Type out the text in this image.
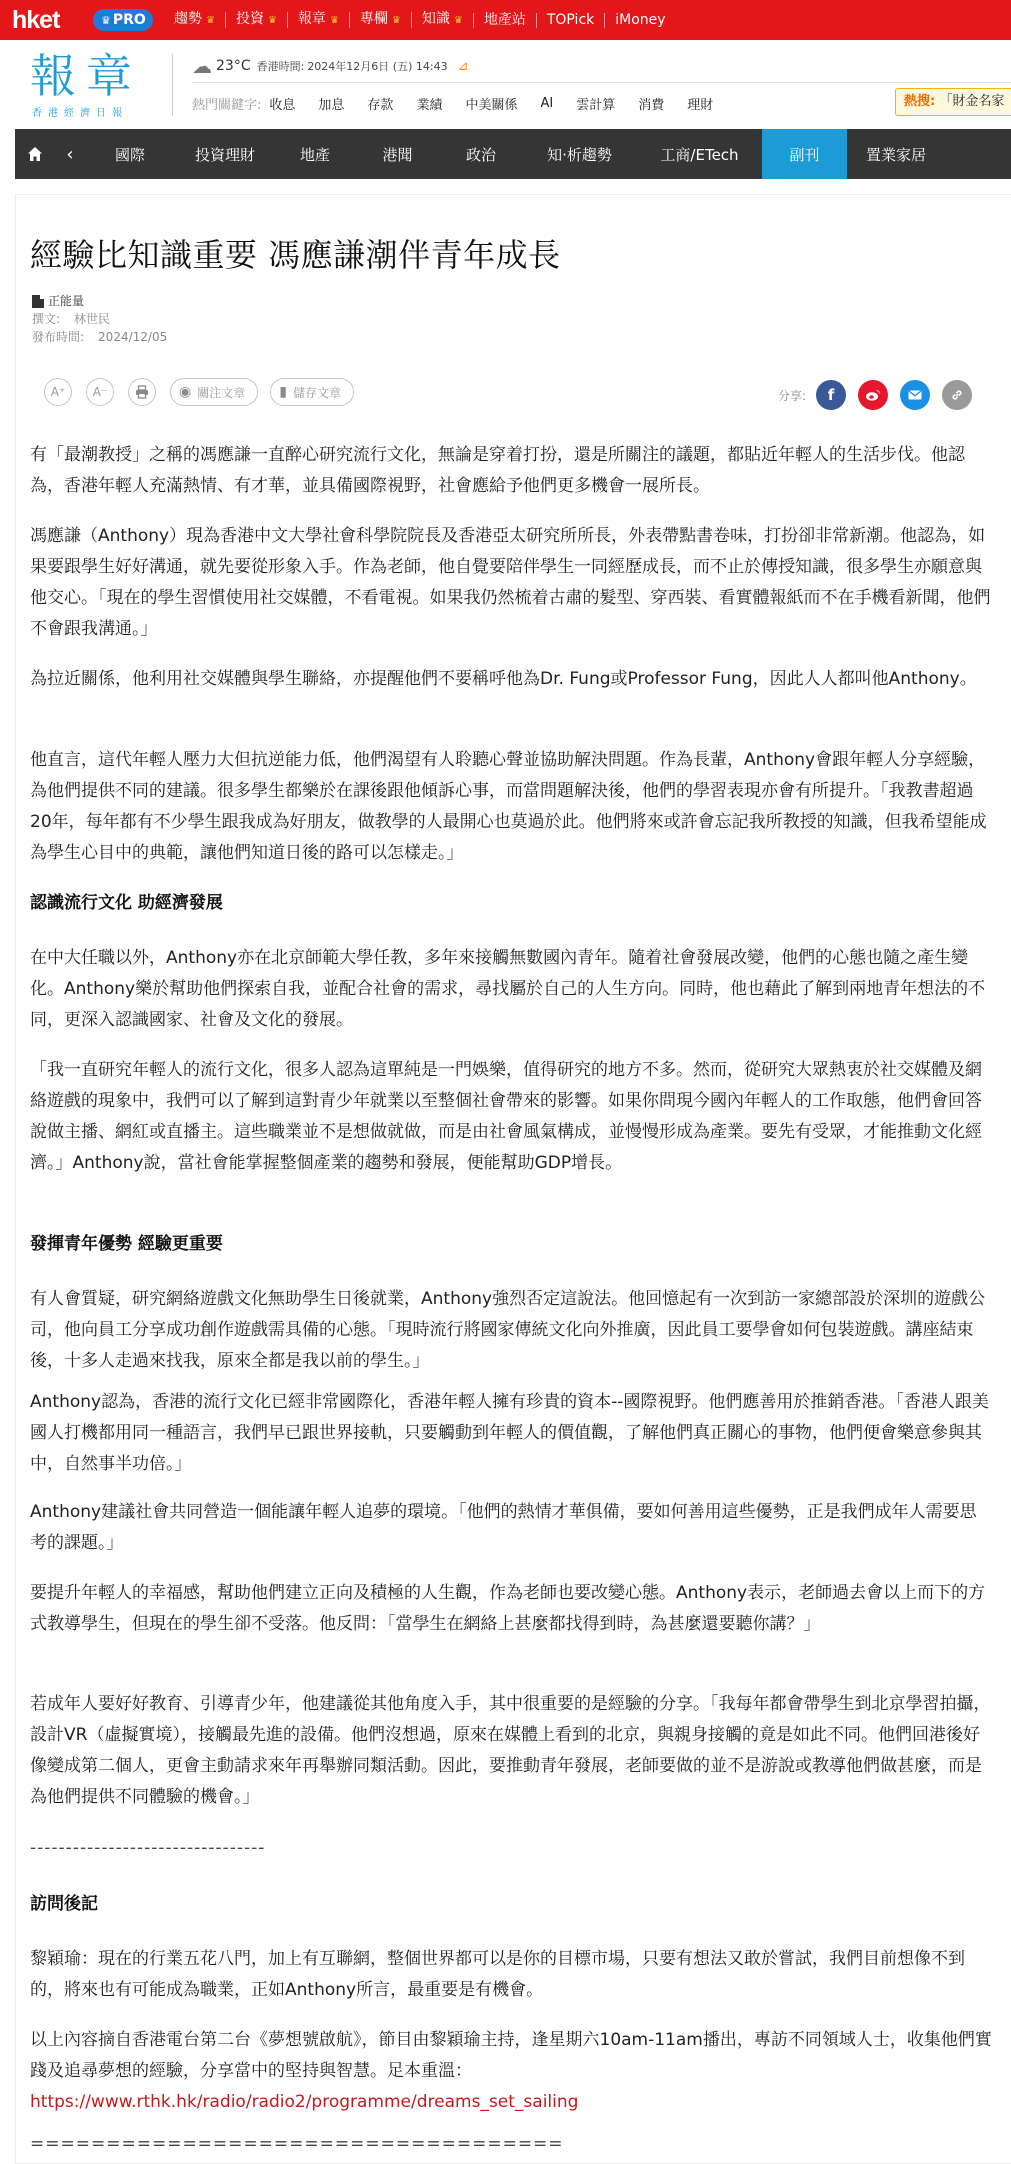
hket	♛ PRO	趨勢 ♛	投資 ♛	報章 ♛	專欄 ♛	知識 ♛	地產站	TOPick	iMoney
報章
香港經濟日報
☁ 23°C 香港時間: 2024年12月6日 (五) 14:43 ⊿
熱門關鍵字: 收息 加息 存款 業績 中美關係 AI 雲計算 消費 理財	熱搜: 「財金名家
‹	國際	投資理財	地產	港聞	政治	知·析趨勢	工商/ETech	副刊	置業家居
經驗比知識重要 馮應謙潮伴青年成長
正能量
撰文: 林世民
發布時間: 2024/12/05
A⁺	A⁻	◉ 關注文章 ▮ 儲存文章	分享:	f
有「最潮教授」之稱的馮應謙一直醉心研究流行文化，無論是穿着打扮，還是所關注的議題，都貼近年輕人的生活步伐。他認為，香港年輕人充滿熱情、有才華，並具備國際視野，社會應給予他們更多機會一展所長。
馮應謙（Anthony）現為香港中文大學社會科學院院長及香港亞太研究所所長，外表帶點書卷味，打扮卻非常新潮。他認為，如果要跟學生好好溝通，就先要從形象入手。作為老師，他自覺要陪伴學生一同經歷成長，而不止於傳授知識，很多學生亦願意與他交心。「現在的學生習慣使用社交媒體，不看電視。如果我仍然梳着古肅的髮型、穿西裝、看實體報紙而不在手機看新聞，他們不會跟我溝通。」
為拉近關係，他利用社交媒體與學生聯絡，亦提醒他們不要稱呼他為Dr. Fung或Professor Fung，因此人人都叫他Anthony。
他直言，這代年輕人壓力大但抗逆能力低，他們渴望有人聆聽心聲並協助解決問題。作為長輩，Anthony會跟年輕人分享經驗，為他們提供不同的建議。很多學生都樂於在課後跟他傾訴心事，而當問題解決後，他們的學習表現亦會有所提升。「我教書超過20年，每年都有不少學生跟我成為好朋友，做教學的人最開心也莫過於此。他們將來或許會忘記我所教授的知識，但我希望能成為學生心目中的典範，讓他們知道日後的路可以怎樣走。」
認識流行文化 助經濟發展
在中大任職以外，Anthony亦在北京師範大學任教，多年來接觸無數國內青年。隨着社會發展改變，他們的心態也隨之產生變化。Anthony樂於幫助他們探索自我，並配合社會的需求，尋找屬於自己的人生方向。同時，他也藉此了解到兩地青年想法的不同，更深入認識國家、社會及文化的發展。
「我一直研究年輕人的流行文化，很多人認為這單純是一門娛樂，值得研究的地方不多。然而，從研究大眾熱衷於社交媒體及網絡遊戲的現象中，我們可以了解到這對青少年就業以至整個社會帶來的影響。如果你問現今國內年輕人的工作取態，他們會回答說做主播、網紅或直播主。這些職業並不是想做就做，而是由社會風氣構成，並慢慢形成為產業。要先有受眾，才能推動文化經濟。」Anthony說，當社會能掌握整個產業的趨勢和發展，便能幫助GDP增長。
發揮青年優勢 經驗更重要
有人會質疑，研究網絡遊戲文化無助學生日後就業，Anthony強烈否定這說法。他回憶起有一次到訪一家總部設於深圳的遊戲公司，他向員工分享成功創作遊戲需具備的心態。「現時流行將國家傳統文化向外推廣，因此員工要學會如何包裝遊戲。講座結束後，十多人走過來找我，原來全都是我以前的學生。」
Anthony認為，香港的流行文化已經非常國際化，香港年輕人擁有珍貴的資本--國際視野。他們應善用於推銷香港。「香港人跟美國人打機都用同一種語言，我們早已跟世界接軌，只要觸動到年輕人的價值觀，了解他們真正關心的事物，他們便會樂意參與其中，自然事半功倍。」
Anthony建議社會共同營造一個能讓年輕人追夢的環境。「他們的熱情才華俱備，要如何善用這些優勢，正是我們成年人需要思考的課題。」
要提升年輕人的幸福感，幫助他們建立正向及積極的人生觀，作為老師也要改變心態。Anthony表示，老師過去會以上而下的方式教導學生，但現在的學生卻不受落。他反問：「當學生在網絡上甚麼都找得到時，為甚麼還要聽你講？」
若成年人要好好教育、引導青少年，他建議從其他角度入手，其中很重要的是經驗的分享。「我每年都會帶學生到北京學習拍攝，設計VR（虛擬實境），接觸最先進的設備。他們沒想過，原來在媒體上看到的北京，與親身接觸的竟是如此不同。他們回港後好像變成第二個人，更會主動請求來年再舉辦同類活動。因此，要推動青年發展，老師要做的並不是游說或教導他們做甚麼，而是為他們提供不同體驗的機會。」
---------------------------------
訪問後記
黎穎瑜：現在的行業五花八門，加上有互聯網，整個世界都可以是你的目標市場，只要有想法又敢於嘗試，我們目前想像不到的，將來也有可能成為職業，正如Anthony所言，最重要是有機會。
以上內容摘自香港電台第二台《夢想號啟航》，節目由黎穎瑜主持，逢星期六10am-11am播出，專訪不同領域人士，收集他們實踐及追尋夢想的經驗，分享當中的堅持與智慧。足本重溫：
https://www.rthk.hk/radio/radio2/programme/dreams_set_sailing
===================================
